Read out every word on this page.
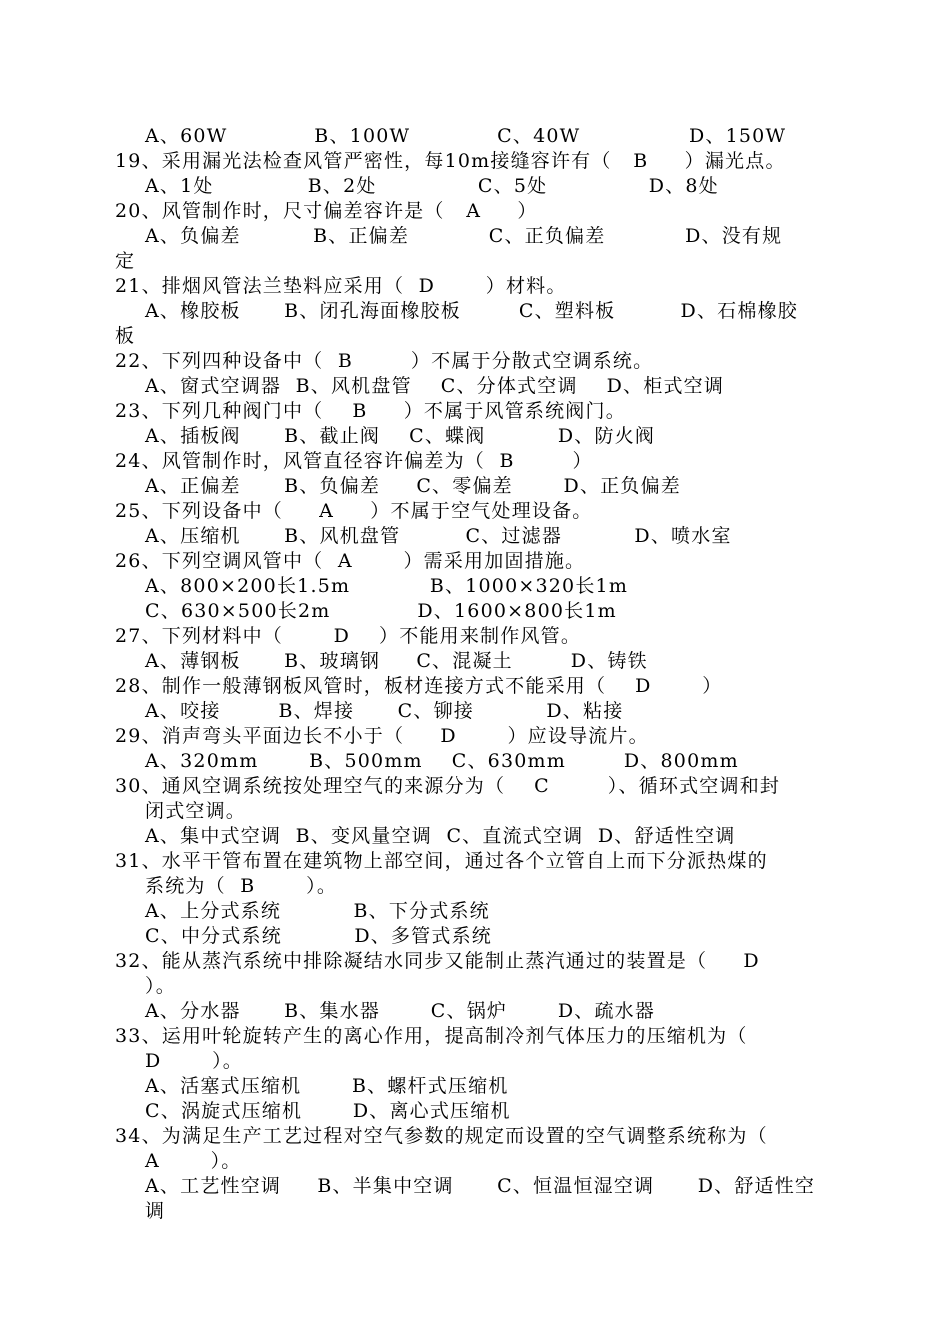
A、60W            B、100W            C、40W               D、150W
19、采用漏光法检查风管严密性，每10m接缝容许有（   B     ）漏光点。
A、1处             B、2处              C、5处              D、8处
20、风管制作时，尺寸偏差容许是（   A     ）
A、负偏差          B、正偏差           C、正负偏差           D、没有规
定
21、排烟风管法兰垫料应采用（  D       ）材料。
A、橡胶板      B、闭孔海面橡胶板        C、塑料板         D、石棉橡胶
板
22、下列四种设备中（  B        ）不属于分散式空调系统。
A、窗式空调器  B、风机盘管    C、分体式空调    D、柜式空调
23、下列几种阀门中（    B     ）不属于风管系统阀门。
A、插板阀      B、截止阀    C、蝶阀          D、防火阀
24、风管制作时，风管直径容许偏差为（  B        ）
A、正偏差      B、负偏差     C、零偏差       D、正负偏差
25、下列设备中（     A     ）不属于空气处理设备。
A、压缩机      B、风机盘管         C、过滤器          D、喷水室
26、下列空调风管中（  A       ）需采用加固措施。
A、800×200长1.5m           B、1000×320长1m
C、630×500长2m            D、1600×800长1m
27、下列材料中（       D    ）不能用来制作风管。
A、薄钢板      B、玻璃钢     C、混凝土        D、铸铁
28、制作一般薄钢板风管时，板材连接方式不能采用（    D       ）
A、咬接        B、焊接      C、铆接          D、粘接
29、消声弯头平面边长不小于（     D       ）应设导流片。
A、320mm       B、500mm    C、630mm        D、800mm
30、通风空调系统按处理空气的来源分为（    C        ）、循环式空调和封
闭式空调。
A、集中式空调  B、变风量空调  C、直流式空调  D、舒适性空调
31、水平干管布置在建筑物上部空间，通过各个立管自上而下分派热煤的
系统为（  B       ）。
A、上分式系统          B、下分式系统
C、中分式系统          D、多管式系统
32、能从蒸汽系统中排除凝结水同步又能制止蒸汽通过的装置是（     D
）。
A、分水器      B、集水器       C、锅炉       D、疏水器
33、运用叶轮旋转产生的离心作用，提高制冷剂气体压力的压缩机为（
D       ）。
A、活塞式压缩机       B、螺杆式压缩机
C、涡旋式压缩机       D、离心式压缩机
34、为满足生产工艺过程对空气参数的规定而设置的空气调整系统称为（
A       ）。
A、工艺性空调     B、半集中空调      C、恒温恒湿空调      D、舒适性空
调
